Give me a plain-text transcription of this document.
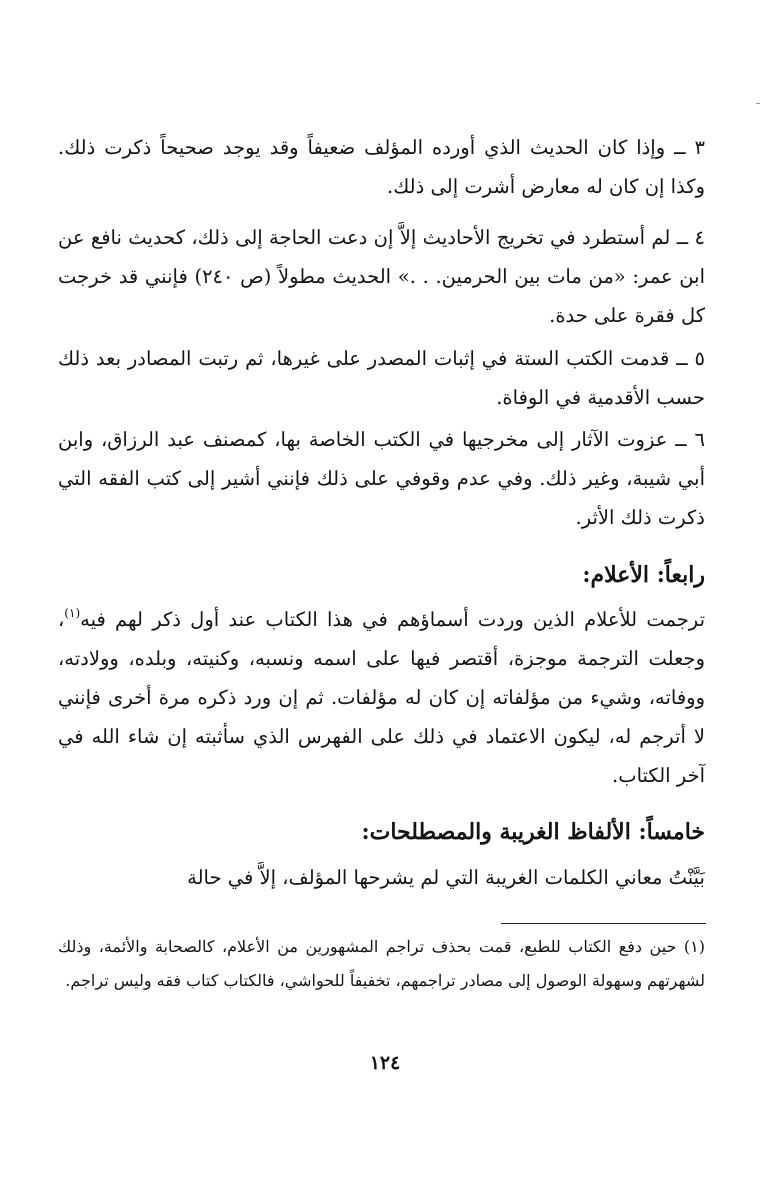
٣ ــ وإذا كان الحديث الذي أورده المؤلف ضعيفاً وقد يوجد صحيحاً ذكرت ذلك. وكذا إن كان له معارض أشرت إلى ذلك.

٤ ــ لم أستطرد في تخريج الأحاديث إلاَّ إن دعت الحاجة إلى ذلك، كحديث نافع عن ابن عمر: «من مات بين الحرمين. . .» الحديث مطولاً (ص ٢٤٠) فإنني قد خرجت كل فقرة على حدة.

٥ ــ قدمت الكتب الستة في إثبات المصدر على غيرها، ثم رتبت المصادر بعد ذلك حسب الأقدمية في الوفاة.

٦ ــ عزوت الآثار إلى مخرجيها في الكتب الخاصة بها، كمصنف عبد الرزاق، وابن أبي شيبة، وغير ذلك. وفي عدم وقوفي على ذلك فإنني أشير إلى كتب الفقه التي ذكرت ذلك الأثر.

رابعاً: الأعلام:

ترجمت للأعلام الذين وردت أسماؤهم في هذا الكتاب عند أول ذكر لهم فيه$^{(١)}$، وجعلت الترجمة موجزة، أقتصر فيها على اسمه ونسبه، وكنيته، وبلده، وولادته، ووفاته، وشيء من مؤلفاته إن كان له مؤلفات. ثم إن ورد ذكره مرة أخرى فإنني لا أترجم له، ليكون الاعتماد في ذلك على الفهرس الذي سأثبته إن شاء الله في آخر الكتاب.

خامساً: الألفاظ الغريبة والمصطلحات:

بَيَّنْتُ معاني الكلمات الغريبة التي لم يشرحها المؤلف، إلاَّ في حالة

(١) حين دفع الكتاب للطبع، قمت بحذف تراجم المشهورين من الأعلام، كالصحابة والأئمة، وذلك لشهرتهم وسهولة الوصول إلى مصادر تراجمهم، تخفيفاً للحواشي، فالكتاب كتاب فقه وليس تراجم.

١٢٤
